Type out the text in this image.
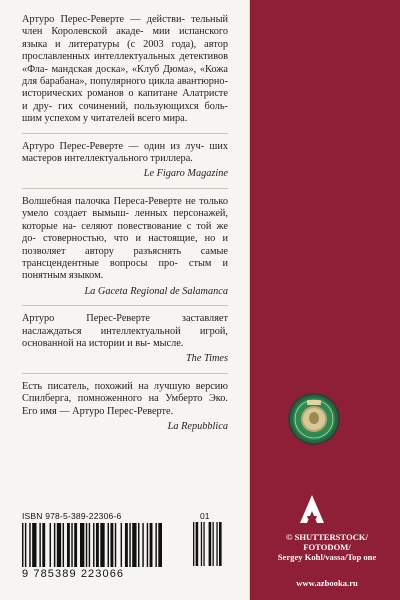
Артуро Перес-Реверте — действи- тельный член Королевской акаде- мии испанского языка и литературы (с 2003 года), автор прославленных интеллектуальных детективов «Фла- мандская доска», «Клуб Дюма», «Кожа для барабана», популярного цикла авантюрно-исторических романов о капитане Алатристе и дру- гих сочинений, пользующихся боль- шим успехом у читателей всего мира.

Артуро Перес-Реверте — один из луч- ших мастеров интеллектуального триллера.

Le Figaro Magazine

Волшебная палочка Переса-Реверте не только умело создает вымыш- ленных персонажей, которые на- селяют повествование с той же до- стоверностью, что и настоящие, но и позволяет автору разъяснять самые трансцендентные вопросы про- стым и понятным языком.

La Gaceta Regional de Salamanca

Артуро Перес-Реверте заставляет наслаждаться интеллектуальной игрой, основанной на истории и вы- мысле.

The Times

Есть писатель, похожий на лучшую версию Спилберга, помноженного на Умберто Эко. Его имя — Артуро Перес-Реверте.

La Repubblica

ISBN 978-5-389-22306-6
9 785389 223066
01
© SHUTTERSTOCK/
FOTODOM/
Sergey Kohl/vassa/Top one
www.azbooka.ru
